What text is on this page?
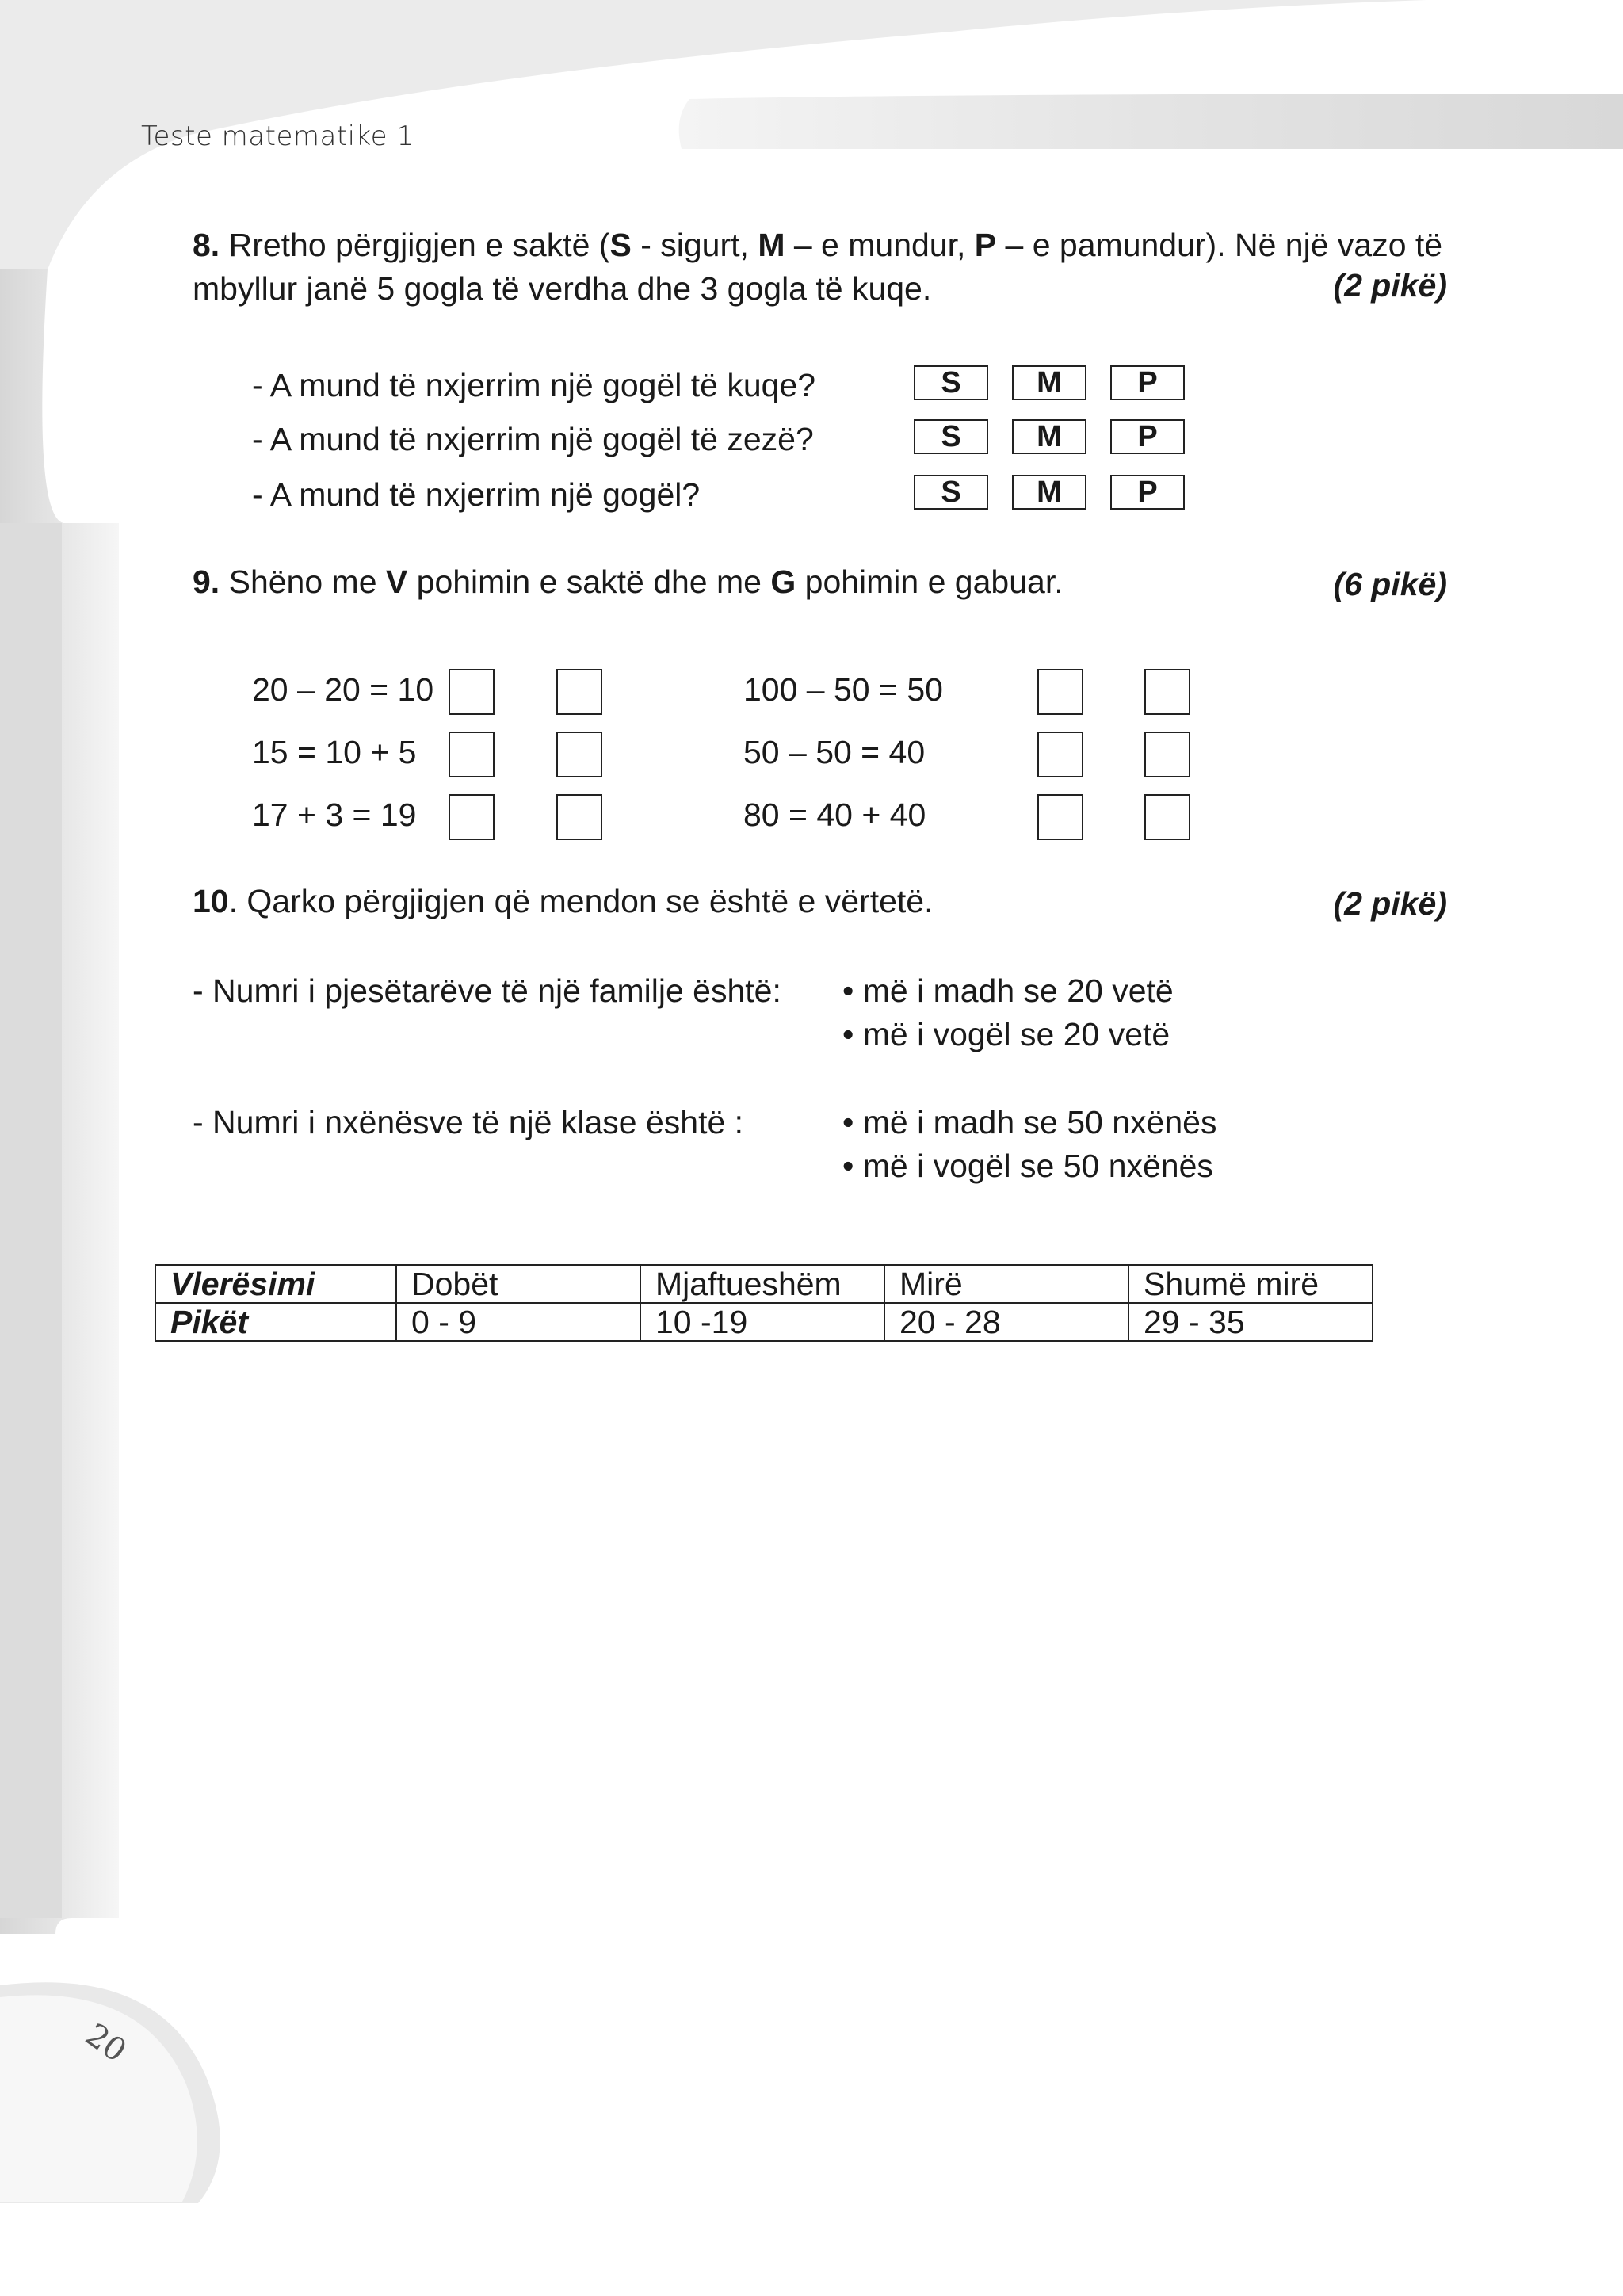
Teste matematike 1
8. Rretho përgjigjen e saktë (S - sigurt, M – e mundur, P – e pamundur). Në një vazo të
mbyllur janë 5 gogla të verdha dhe 3 gogla të kuqe.	(2 pikë)
- A mund të nxjerrim një gogël të kuqe?	S	M	P
- A mund të nxjerrim një gogël të zezë?	S	M	P
- A mund të nxjerrim një gogël?	S	M	P
9. Shëno me V pohimin e saktë dhe me G pohimin e gabuar.	(6 pikë)
20 – 20 = 10	100 – 50 = 50
15 = 10 + 5	50 – 50 = 40
17 + 3 = 19	80 = 40 + 40
10. Qarko përgjigjen që mendon se është e vërtetë.	(2 pikë)
- Numri i pjesëtarëve të një familje është: • më i madh se 20 vetë
• më i vogël se 20 vetë
- Numri i nxënësve të një klase është :	• më i madh se 50 nxënës
• më i vogël se 50 nxënës
Vlerësimi	Dobët	Mjaftueshëm	Mirë	Shumë mirë
Pikët	0 - 9	10 -19	20 - 28	29 - 35
20
